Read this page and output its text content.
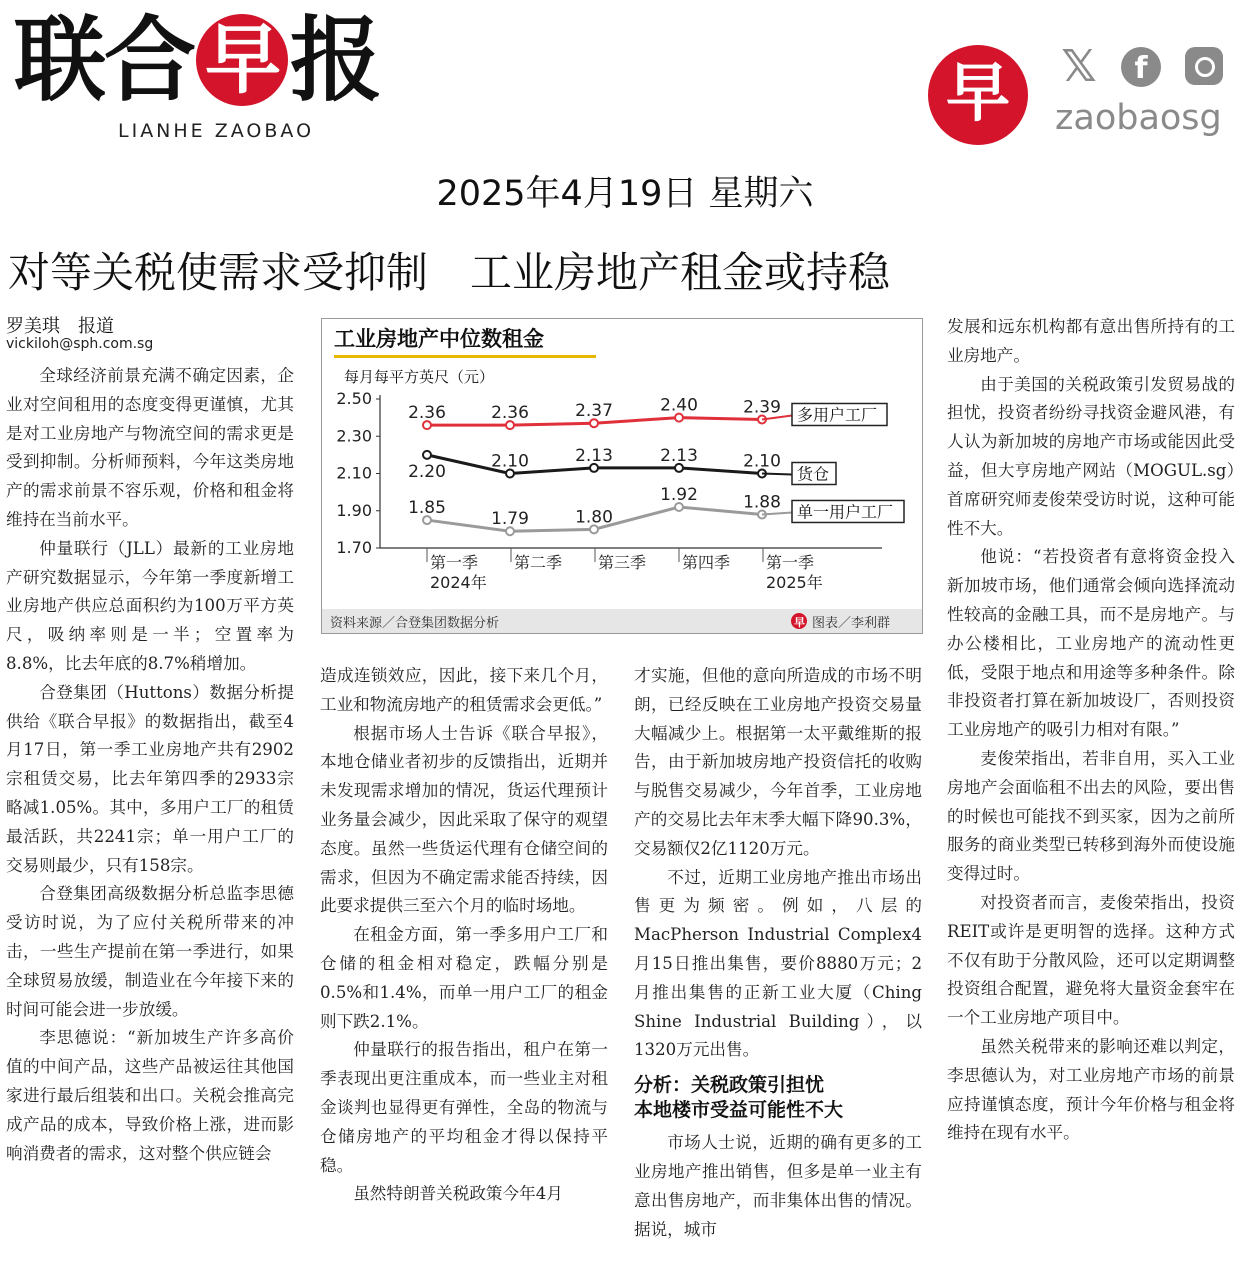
联合 早 报
LIANHE ZAOBAO	早	𝕏	f
zaobaosg
2025年4月19日 星期六
对等关税使需求受抑制　工业房地产租金或持稳
罗美琪　报道
vickiloh@sph.com.sg

全球经济前景充满不确定因素，企业对空间租用的态度变得更谨慎，尤其是对工业房地产与物流空间的需求更是受到抑制。分析师预料，今年这类房地产的需求前景不容乐观，价格和租金将维持在当前水平。

仲量联行（JLL）最新的工业房地产研究数据显示，今年第一季度新增工业房地产供应总面积约为100万平方英尺，吸纳率则是一半；空置率为8.8%，比去年底的8.7%稍增加。

合登集团（Huttons）数据分析提供给《联合早报》的数据指出，截至4月17日，第一季工业房地产共有2902宗租赁交易，比去年第四季的2933宗略减1.05%。其中，多用户工厂的租赁最活跃，共2241宗；单一用户工厂的交易则最少，只有158宗。

合登集团高级数据分析总监李思德受访时说，为了应付关税所带来的冲击，一些生产提前在第一季进行，如果全球贸易放缓，制造业在今年接下来的时间可能会进一步放缓。

李思德说：“新加坡生产许多高价值的中间产品，这些产品被运往其他国家进行最后组装和出口。关税会推高完成产品的成本，导致价格上涨，进而影响消费者的需求，这对整个供应链会

造成连锁效应，因此，接下来几个月，工业和物流房地产的租赁需求会更低。”

根据市场人士告诉《联合早报》，本地仓储业者初步的反馈指出，近期并未发现需求增加的情况，货运代理预计业务量会减少，因此采取了保守的观望态度。虽然一些货运代理有仓储空间的需求，但因为不确定需求能否持续，因此要求提供三至六个月的临时场地。

在租金方面，第一季多用户工厂和仓储的租金相对稳定，跌幅分别是0.5%和1.4%，而单一用户工厂的租金则下跌2.1%。

仲量联行的报告指出，租户在第一季表现出更注重成本，而一些业主对租金谈判也显得更有弹性，全岛的物流与仓储房地产的平均租金才得以保持平稳。

虽然特朗普关税政策今年4月

才实施，但他的意向所造成的市场不明朗，已经反映在工业房地产投资交易量大幅减少上。根据第一太平戴维斯的报告，由于新加坡房地产投资信托的收购与脱售交易减少，今年首季，工业房地产的交易比去年末季大幅下降90.3%，交易额仅2亿1120万元。

不过，近期工业房地产推出市场出售更为频密。例如，八层的MacPherson Industrial Complex4月15日推出集售，要价8880万元；2月推出集售的正新工业大厦（Ching Shine Industrial Building），以1320万元出售。

分析：关税政策引担忧
本地楼市受益可能性不大

市场人士说，近期的确有更多的工业房地产推出销售，但多是单一业主有意出售房地产，而非集体出售的情况。据说，城市

发展和远东机构都有意出售所持有的工业房地产。

由于美国的关税政策引发贸易战的担忧，投资者纷纷寻找资金避风港，有人认为新加坡的房地产市场或能因此受益，但大亨房地产网站（MOGUL.sg）首席研究师麦俊荣受访时说，这种可能性不大。

他说：“若投资者有意将资金投入新加坡市场，他们通常会倾向选择流动性较高的金融工具，而不是房地产。与办公楼相比，工业房地产的流动性更低，受限于地点和用途等多种条件。除非投资者打算在新加坡设厂，否则投资工业房地产的吸引力相对有限。”

麦俊荣指出，若非自用，买入工业房地产会面临租不出去的风险，要出售的时候也可能找不到买家，因为之前所服务的商业类型已转移到海外而使设施变得过时。

对投资者而言，麦俊荣指出，投资REIT或许是更明智的选择。这种方式不仅有助于分散风险，还可以定期调整投资组合配置，避免将大量资金套牢在一个工业房地产项目中。

虽然关税带来的影响还难以判定，李思德认为，对工业房地产市场的前景应持谨慎态度，预计今年价格与租金将维持在现有水平。

工业房地产中位数租金
每月每平方英尺（元）
资料来源／合登集团数据分析	早 图表／李利群
2.50
2.30
2.10
1.90
1.70
第一季
2024年
第二季 第三季 第四季 第一季
2025年
2.36	2.36	2.37	2.40	2.39 多用户工厂
2.20
2.10	2.13	2.13	2.10
货仓
1.85
1.79	1.80
1.92	1.88 单一用户工厂
